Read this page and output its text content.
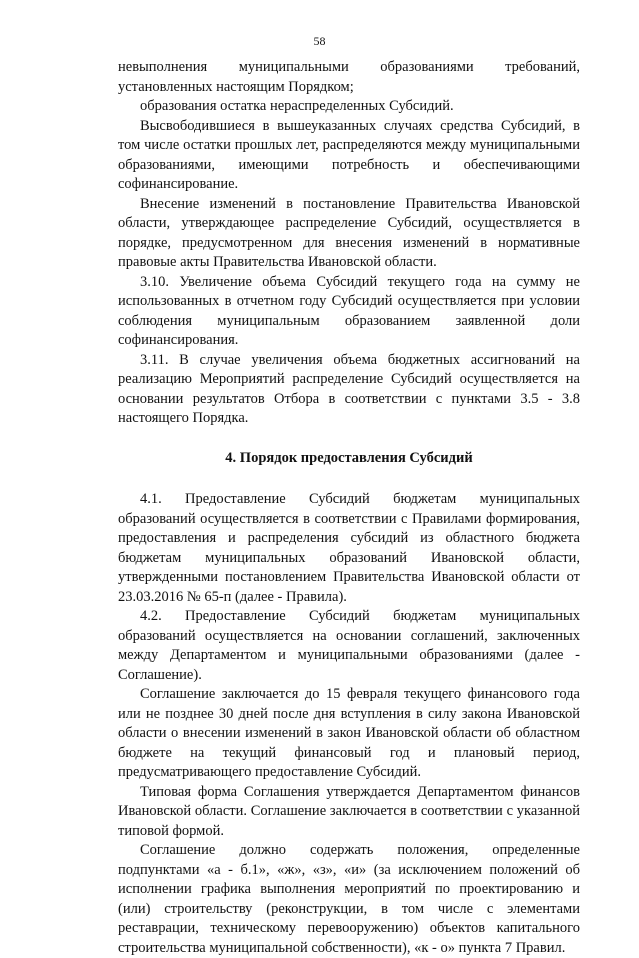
58

невыполнения муниципальными образованиями требований, установленных настоящим Порядком;

образования остатка нераспределенных Субсидий.

Высвободившиеся в вышеуказанных случаях средства Субсидий, в том числе остатки прошлых лет, распределяются между муниципальными образованиями, имеющими потребность и обеспечивающими софинансирование.

Внесение изменений в постановление Правительства Ивановской области, утверждающее распределение Субсидий, осуществляется в порядке, предусмотренном для внесения изменений в нормативные правовые акты Правительства Ивановской области.

3.10. Увеличение объема Субсидий текущего года на сумму не использованных в отчетном году Субсидий осуществляется при условии соблюдения муниципальным образованием заявленной доли софинансирования.

3.11. В случае увеличения объема бюджетных ассигнований на реализацию Мероприятий распределение Субсидий осуществляется на основании результатов Отбора в соответствии с пунктами 3.5 - 3.8 настоящего Порядка.

4. Порядок предоставления Субсидий

4.1. Предоставление Субсидий бюджетам муниципальных образований осуществляется в соответствии с Правилами формирования, предоставления и распределения субсидий из областного бюджета бюджетам муниципальных образований Ивановской области, утвержденными постановлением Правительства Ивановской области от 23.03.2016 № 65-п (далее - Правила).

4.2. Предоставление Субсидий бюджетам муниципальных образований осуществляется на основании соглашений, заключенных между Департаментом и муниципальными образованиями (далее - Соглашение).

Соглашение заключается до 15 февраля текущего финансового года или не позднее 30 дней после дня вступления в силу закона Ивановской области о внесении изменений в закон Ивановской области об областном бюджете на текущий финансовый год и плановый период, предусматривающего предоставление Субсидий.

Типовая форма Соглашения утверждается Департаментом финансов Ивановской области. Соглашение заключается в соответствии с указанной типовой формой.

Соглашение должно содержать положения, определенные подпунктами «а - б.1», «ж», «з», «и» (за исключением положений об исполнении графика выполнения мероприятий по проектированию и (или) строительству (реконструкции, в том числе с элементами реставрации, техническому перевооружению) объектов капитального строительства муниципальной собственности), «к - о» пункта 7 Правил.
